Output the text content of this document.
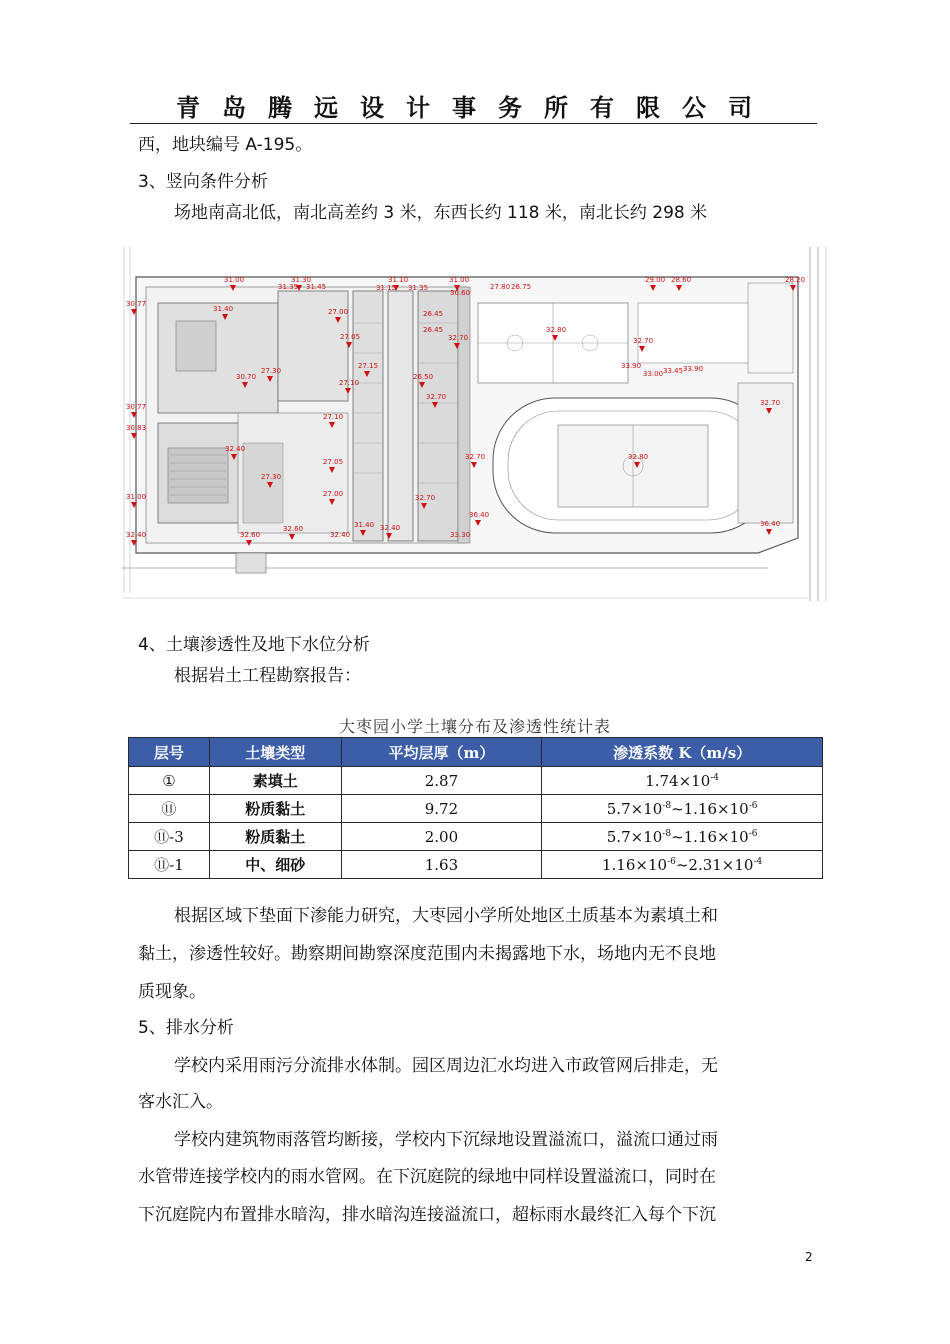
青岛腾远设计事务所有限公司
西，地块编号 A-195。
3、竖向条件分析
场地南高北低，南北高差约 3 米，东西长约 118 米，南北长约 298 米
31.00	31.30	31.10	31.00	29.00 28.60	28.20
30.77
31.40
31.35 31.45	31.15 31.35
30.60
27.80 26.75
27.00	26.45
26.45
32.70
32.80
32.70
27.05
27.15	33.90
33.00 33.45 33.90
30.70
27.30
27.10
26.50
32.70
32.70
30.77
30.83
27.10
32.40
32.80
27.05
32.70
27.30
27.00	32.70
31.00
36.40
36.40
31.40 32.40
32.60
32.40	32.40
32.60	33.30
4、土壤渗透性及地下水位分析
根据岩土工程勘察报告：
大枣园小学土壤分布及渗透性统计表
层号	土壤类型	平均层厚（m）	渗透系数 K（m/s）
①	素填土	2.87	$1.74\times 10^{-4}$
⑪	粉质黏土	9.72	$5.7\times 10^{-8}\sim 1.16\times 10^{-6}$
⑪-3	粉质黏土	2.00	$5.7\times 10^{-8}\sim 1.16\times 10^{-6}$
⑪-1	中、细砂	1.63	$1.16\times 10^{-6}\sim 2.31\times 10^{-4}$
根据区域下垫面下渗能力研究，大枣园小学所处地区土质基本为素填土和
黏土，渗透性较好。勘察期间勘察深度范围内未揭露地下水，场地内无不良地
质现象。
5、排水分析
学校内采用雨污分流排水体制。园区周边汇水均进入市政管网后排走，无
客水汇入。
学校内建筑物雨落管均断接，学校内下沉绿地设置溢流口，溢流口通过雨
水管带连接学校内的雨水管网。在下沉庭院的绿地中同样设置溢流口，同时在
下沉庭院内布置排水暗沟，排水暗沟连接溢流口，超标雨水最终汇入每个下沉
2
